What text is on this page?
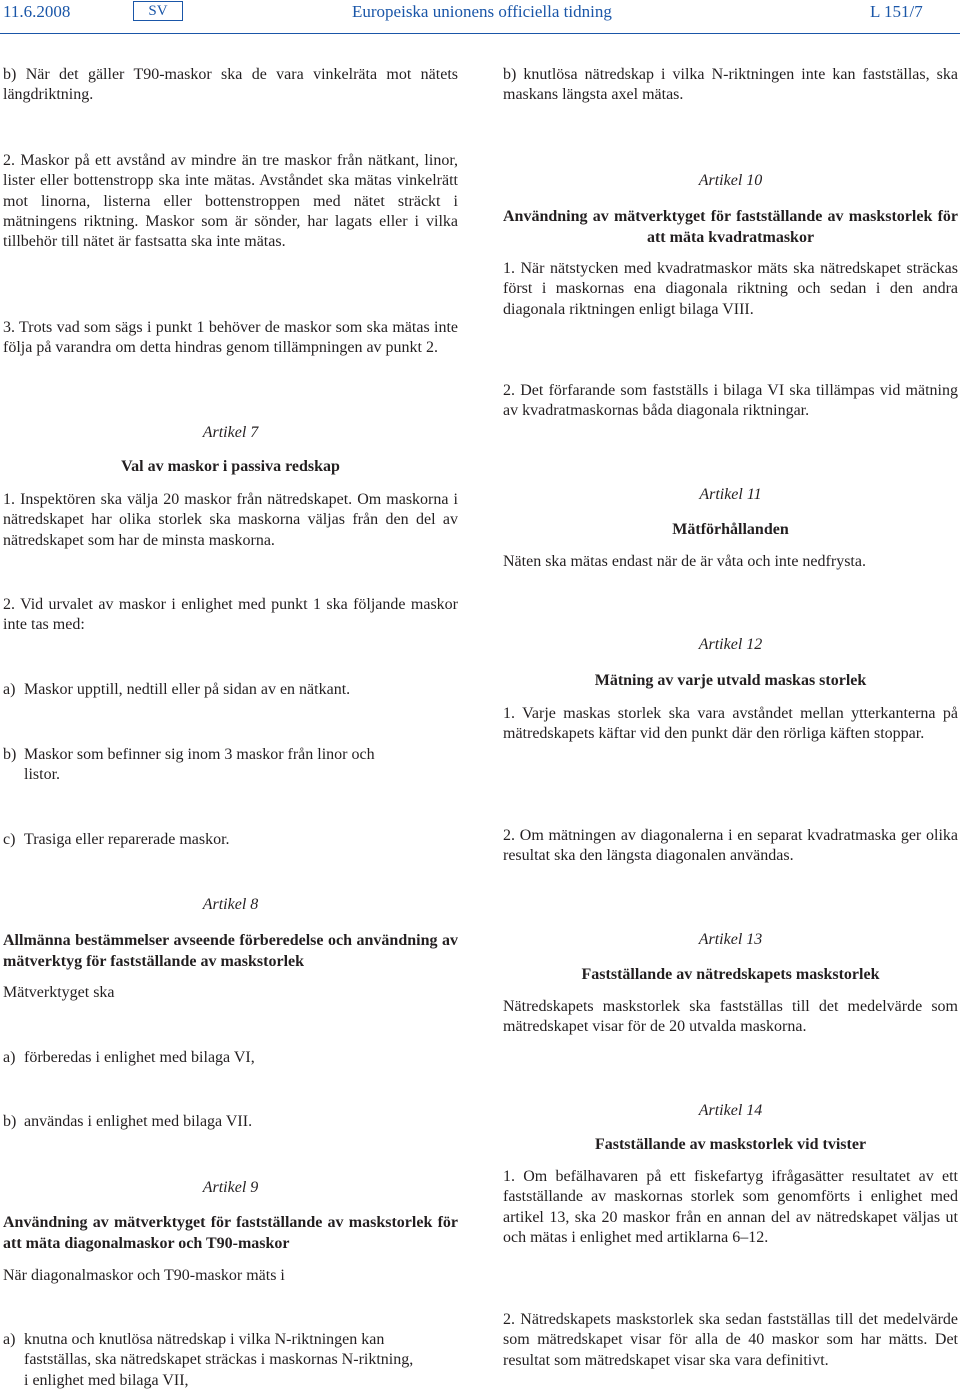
11.6.2008	SV	Europeiska unionens officiella tidning	L 151/7

b) När det gäller T90-maskor ska de vara vinkelräta mot nätets längdriktning.

2. Maskor på ett avstånd av mindre än tre maskor från nätkant, linor, lister eller bottenstropp ska inte mätas. Avståndet ska mätas vinkelrätt mot linorna, listerna eller bottenstroppen med nätet sträckt i mätningens riktning. Maskor som är sönder, har lagats eller i vilka tillbehör till nätet är fastsatta ska inte mätas.

3. Trots vad som sägs i punkt 1 behöver de maskor som ska mätas inte följa på varandra om detta hindras genom tillämpningen av punkt 2.

Artikel 7
Val av maskor i passiva redskap

1. Inspektören ska välja 20 maskor från nätredskapet. Om maskorna i nätredskapet har olika storlek ska maskorna väljas från den del av nätredskapet som har de minsta maskorna.

2. Vid urvalet av maskor i enlighet med punkt 1 ska följande maskor inte tas med:

a) Maskor upptill, nedtill eller på sidan av en nätkant.
b) Maskor som befinner sig inom 3 maskor från linor och
listor.
c) Trasiga eller reparerade maskor.
Artikel 8
Allmänna bestämmelser avseende förberedelse och användning av mätverktyg för fastställande av maskstorlek

Mätverktyget ska

a) förberedas i enlighet med bilaga VI,
b) användas i enlighet med bilaga VII.
Artikel 9
Användning av mätverktyget för fastställande av maskstorlek för att mäta diagonalmaskor och T90-maskor

När diagonalmaskor och T90-maskor mäts i

a) knutna och knutlösa nätredskap i vilka N-riktningen kan
fastställas, ska nätredskapet sträckas i maskornas N-riktning,
i enlighet med bilaga VII,

b) knutlösa nätredskap i vilka N-riktningen inte kan fastställas, ska maskans längsta axel mätas.

Artikel 10
Användning av mätverktyget för fastställande av maskstorlek för att mäta kvadratmaskor

1. När nätstycken med kvadratmaskor mäts ska nätredskapet sträckas först i maskornas ena diagonala riktning och sedan i den andra diagonala riktningen enligt bilaga VIII.

2. Det förfarande som fastställs i bilaga VI ska tillämpas vid mätning av kvadratmaskornas båda diagonala riktningar.

Artikel 11
Mätförhållanden

Näten ska mätas endast när de är våta och inte nedfrysta.

Artikel 12
Mätning av varje utvald maskas storlek

1. Varje maskas storlek ska vara avståndet mellan ytterkanterna på mätredskapets käftar vid den punkt där den rörliga käften stoppar.

2. Om mätningen av diagonalerna i en separat kvadratmaska ger olika resultat ska den längsta diagonalen användas.

Artikel 13
Fastställande av nätredskapets maskstorlek

Nätredskapets maskstorlek ska fastställas till det medelvärde som mätredskapet visar för de 20 utvalda maskorna.

Artikel 14
Fastställande av maskstorlek vid tvister

1. Om befälhavaren på ett fiskefartyg ifrågasätter resultatet av ett fastställande av maskornas storlek som genomförts i enlighet med artikel 13, ska 20 maskor från en annan del av nätredskapet väljas ut och mätas i enlighet med artiklarna 6–12.

2. Nätredskapets maskstorlek ska sedan fastställas till det medelvärde som mätredskapet visar för alla de 40 maskor som har mätts. Det resultat som mätredskapet visar ska vara definitivt.
